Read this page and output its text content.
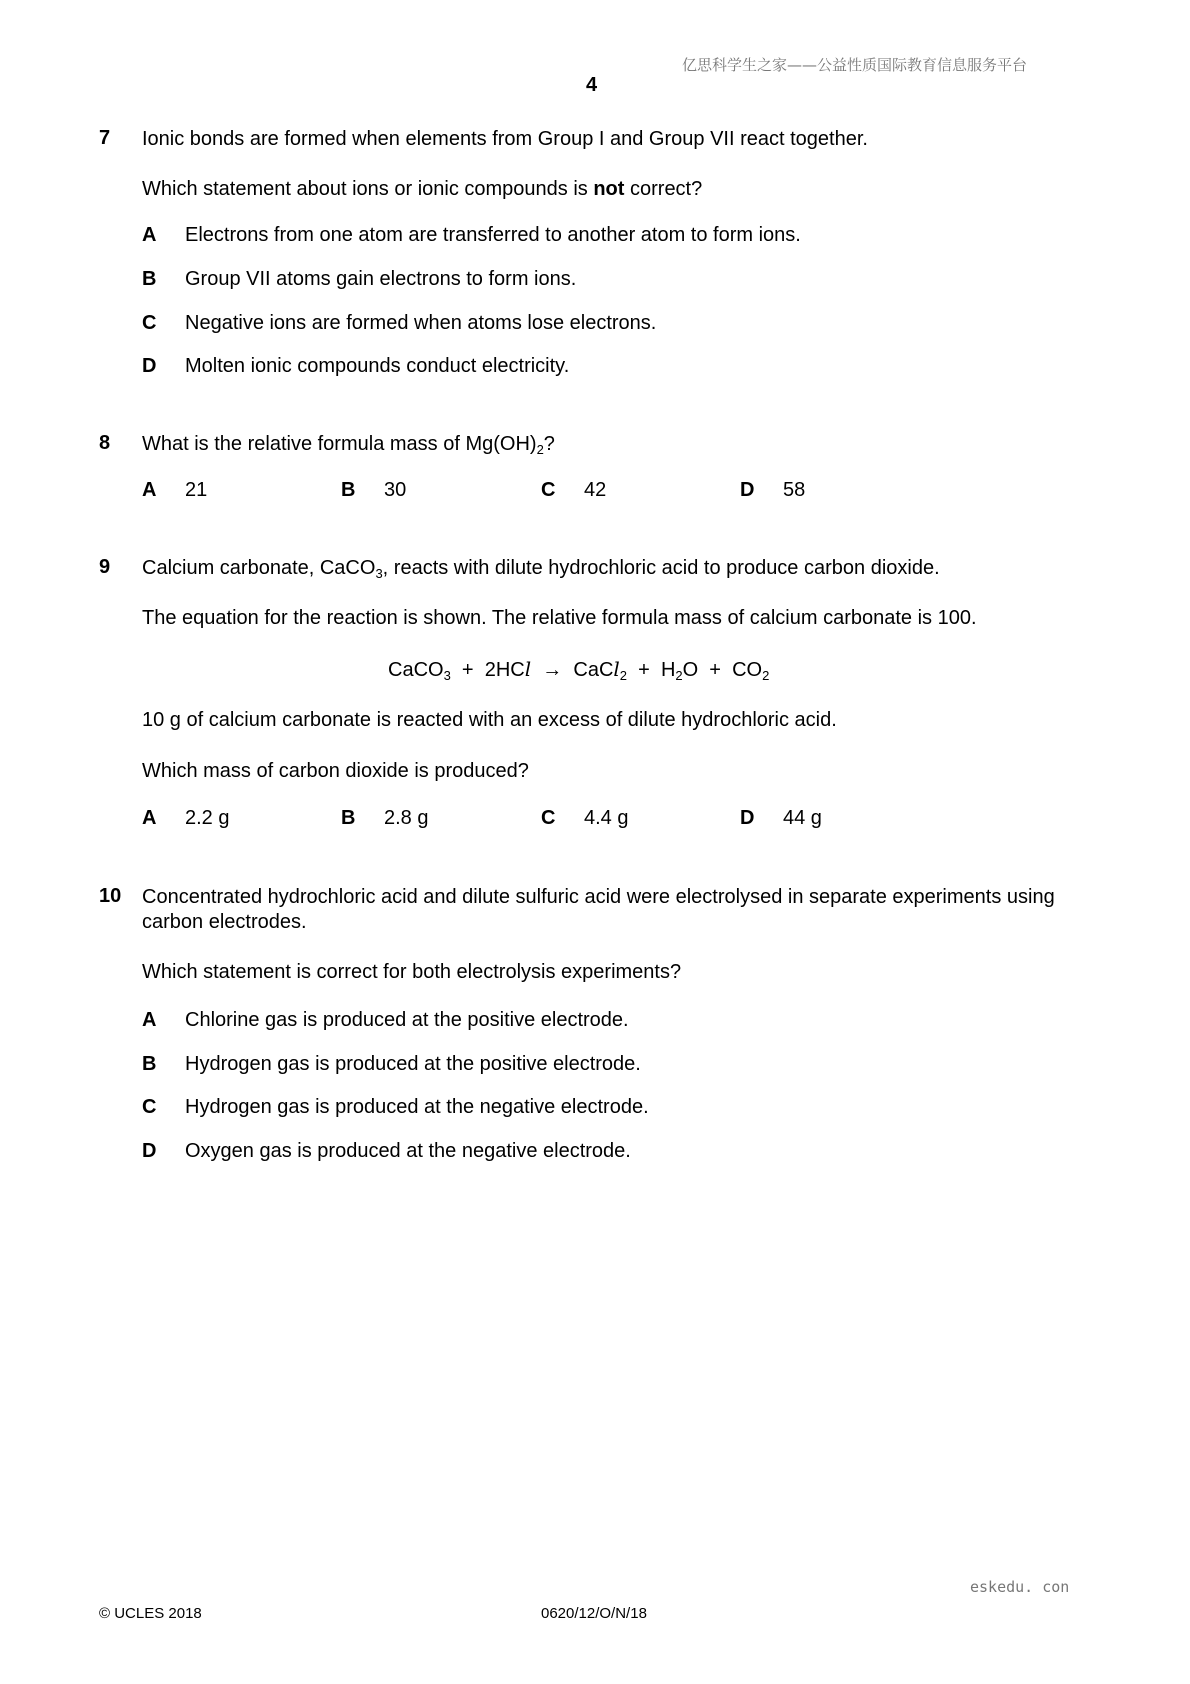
亿思科学生之家——公益性质国际教育信息服务平台
4
7 Ionic bonds are formed when elements from Group I and Group VII react together.
Which statement about ions or ionic compounds is not correct?
A Electrons from one atom are transferred to another atom to form ions.
B Group VII atoms gain electrons to form ions.
C Negative ions are formed when atoms lose electrons.
D Molten ionic compounds conduct electricity.
8 What is the relative formula mass of $Mg(OH)_2$?
A 21	B 30	C 42	D 58
9 Calcium carbonate, CaCO$_3$, reacts with dilute hydrochloric acid to produce carbon dioxide.
The equation for the reaction is shown. The relative formula mass of calcium carbonate is 100.
CaCO$_3$  +  2HCl  →  CaCl$_2$  +  $H_2O + CO_2$
10 g of calcium carbonate is reacted with an excess of dilute hydrochloric acid.
Which mass of carbon dioxide is produced?
A 2.2 g	B 2.8 g	C 4.4 g	D 44 g
10 Concentrated hydrochloric acid and dilute sulfuric acid were electrolysed in separate experiments using carbon electrodes.
Which statement is correct for both electrolysis experiments?
A Chlorine gas is produced at the positive electrode.
B Hydrogen gas is produced at the positive electrode.
C Hydrogen gas is produced at the negative electrode.
D Oxygen gas is produced at the negative electrode.
eskedu. con
© UCLES 2018	0620/12/O/N/18
